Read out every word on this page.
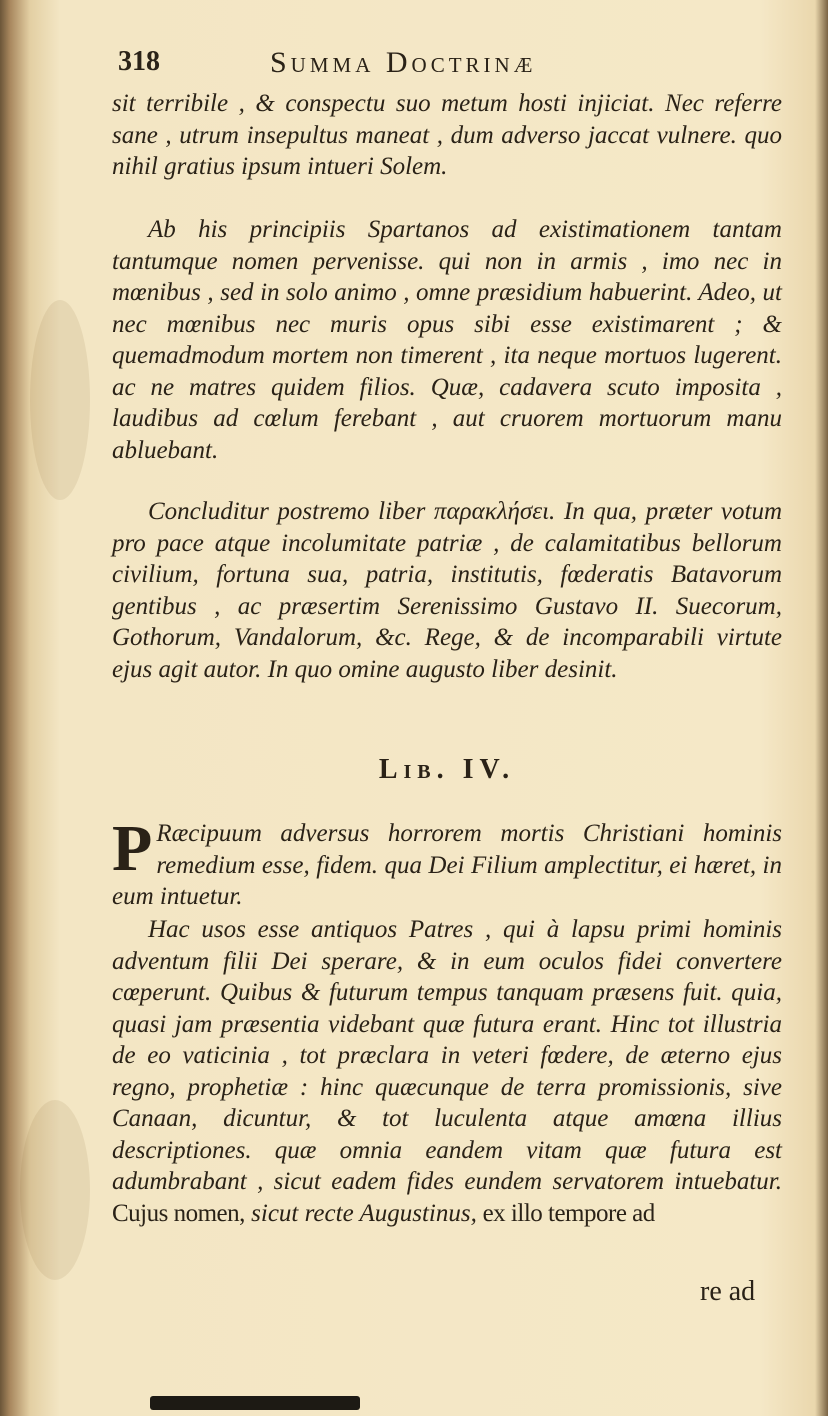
318	Summa Doctrinæ

sit terribile , & conspectu suo metum hosti injiciat. Nec referre sane , utrum insepultus maneat , dum adverso jaccat vulnere. quo nihil gratius ipsum intueri Solem.

Ab his principiis Spartanos ad existimationem tantam tantumque nomen pervenisse. qui non in armis , imo nec in mœnibus , sed in solo animo , omne præsidium habuerint. Adeo, ut nec mœnibus nec muris opus sibi esse existimarent ; & quemadmodum mortem non timerent , ita neque mortuos lugerent. ac ne matres quidem filios. Quæ, cadavera scuto imposita , laudibus ad cœlum ferebant , aut cruorem mortuorum manu abluebant.

Concluditur postremo liber παρακλήσει. In qua, præter votum pro pace atque incolumitate patriæ , de calamitatibus bellorum civilium, fortuna sua, patria, institutis, fœderatis Batavorum gentibus , ac præsertim Serenissimo Gustavo II. Suecorum, Gothorum, Vandalorum, &c. Rege, & de incomparabili virtute ejus agit autor. In quo omine augusto liber desinit.

Lib. IV.

P Ræcipuum adversus horrorem mortis Christiani hominis remedium esse, fidem. qua Dei Filium amplectitur, ei hæret, in eum intuetur.

Hac usos esse antiquos Patres , qui à lapsu primi hominis adventum filii Dei sperare, & in eum oculos fidei convertere cœperunt. Quibus & futurum tempus tanquam præsens fuit. quia, quasi jam præsentia videbant quæ futura erant. Hinc tot illustria de eo vaticinia , tot præclara in veteri fœdere, de æterno ejus regno, prophetiæ : hinc quæcunque de terra promissionis, sive Canaan, dicuntur, & tot luculenta atque amœna illius descriptiones. quæ omnia eandem vitam quæ futura est adumbrabant , sicut eadem fides eundem servatorem intuebatur. Cujus nomen, sicut recte Augustinus, ex illo tempore ad

re ad
